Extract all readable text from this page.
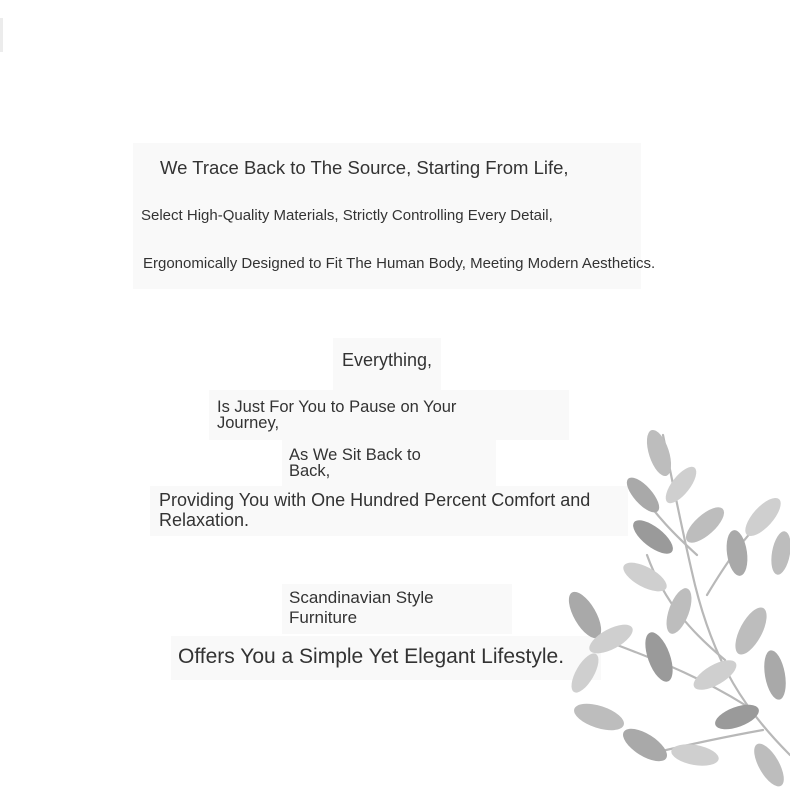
We Trace Back to The Source, Starting From Life,
Select High-Quality Materials, Strictly Controlling Every Detail,
Ergonomically Designed to Fit The Human Body, Meeting Modern Aesthetics.
Everything,
Is Just For You to Pause on Your Journey,
As We Sit Back to Back,
Providing You with One Hundred Percent Comfort and Relaxation.
Scandinavian Style Furniture
Offers You a Simple Yet Elegant Lifestyle.
